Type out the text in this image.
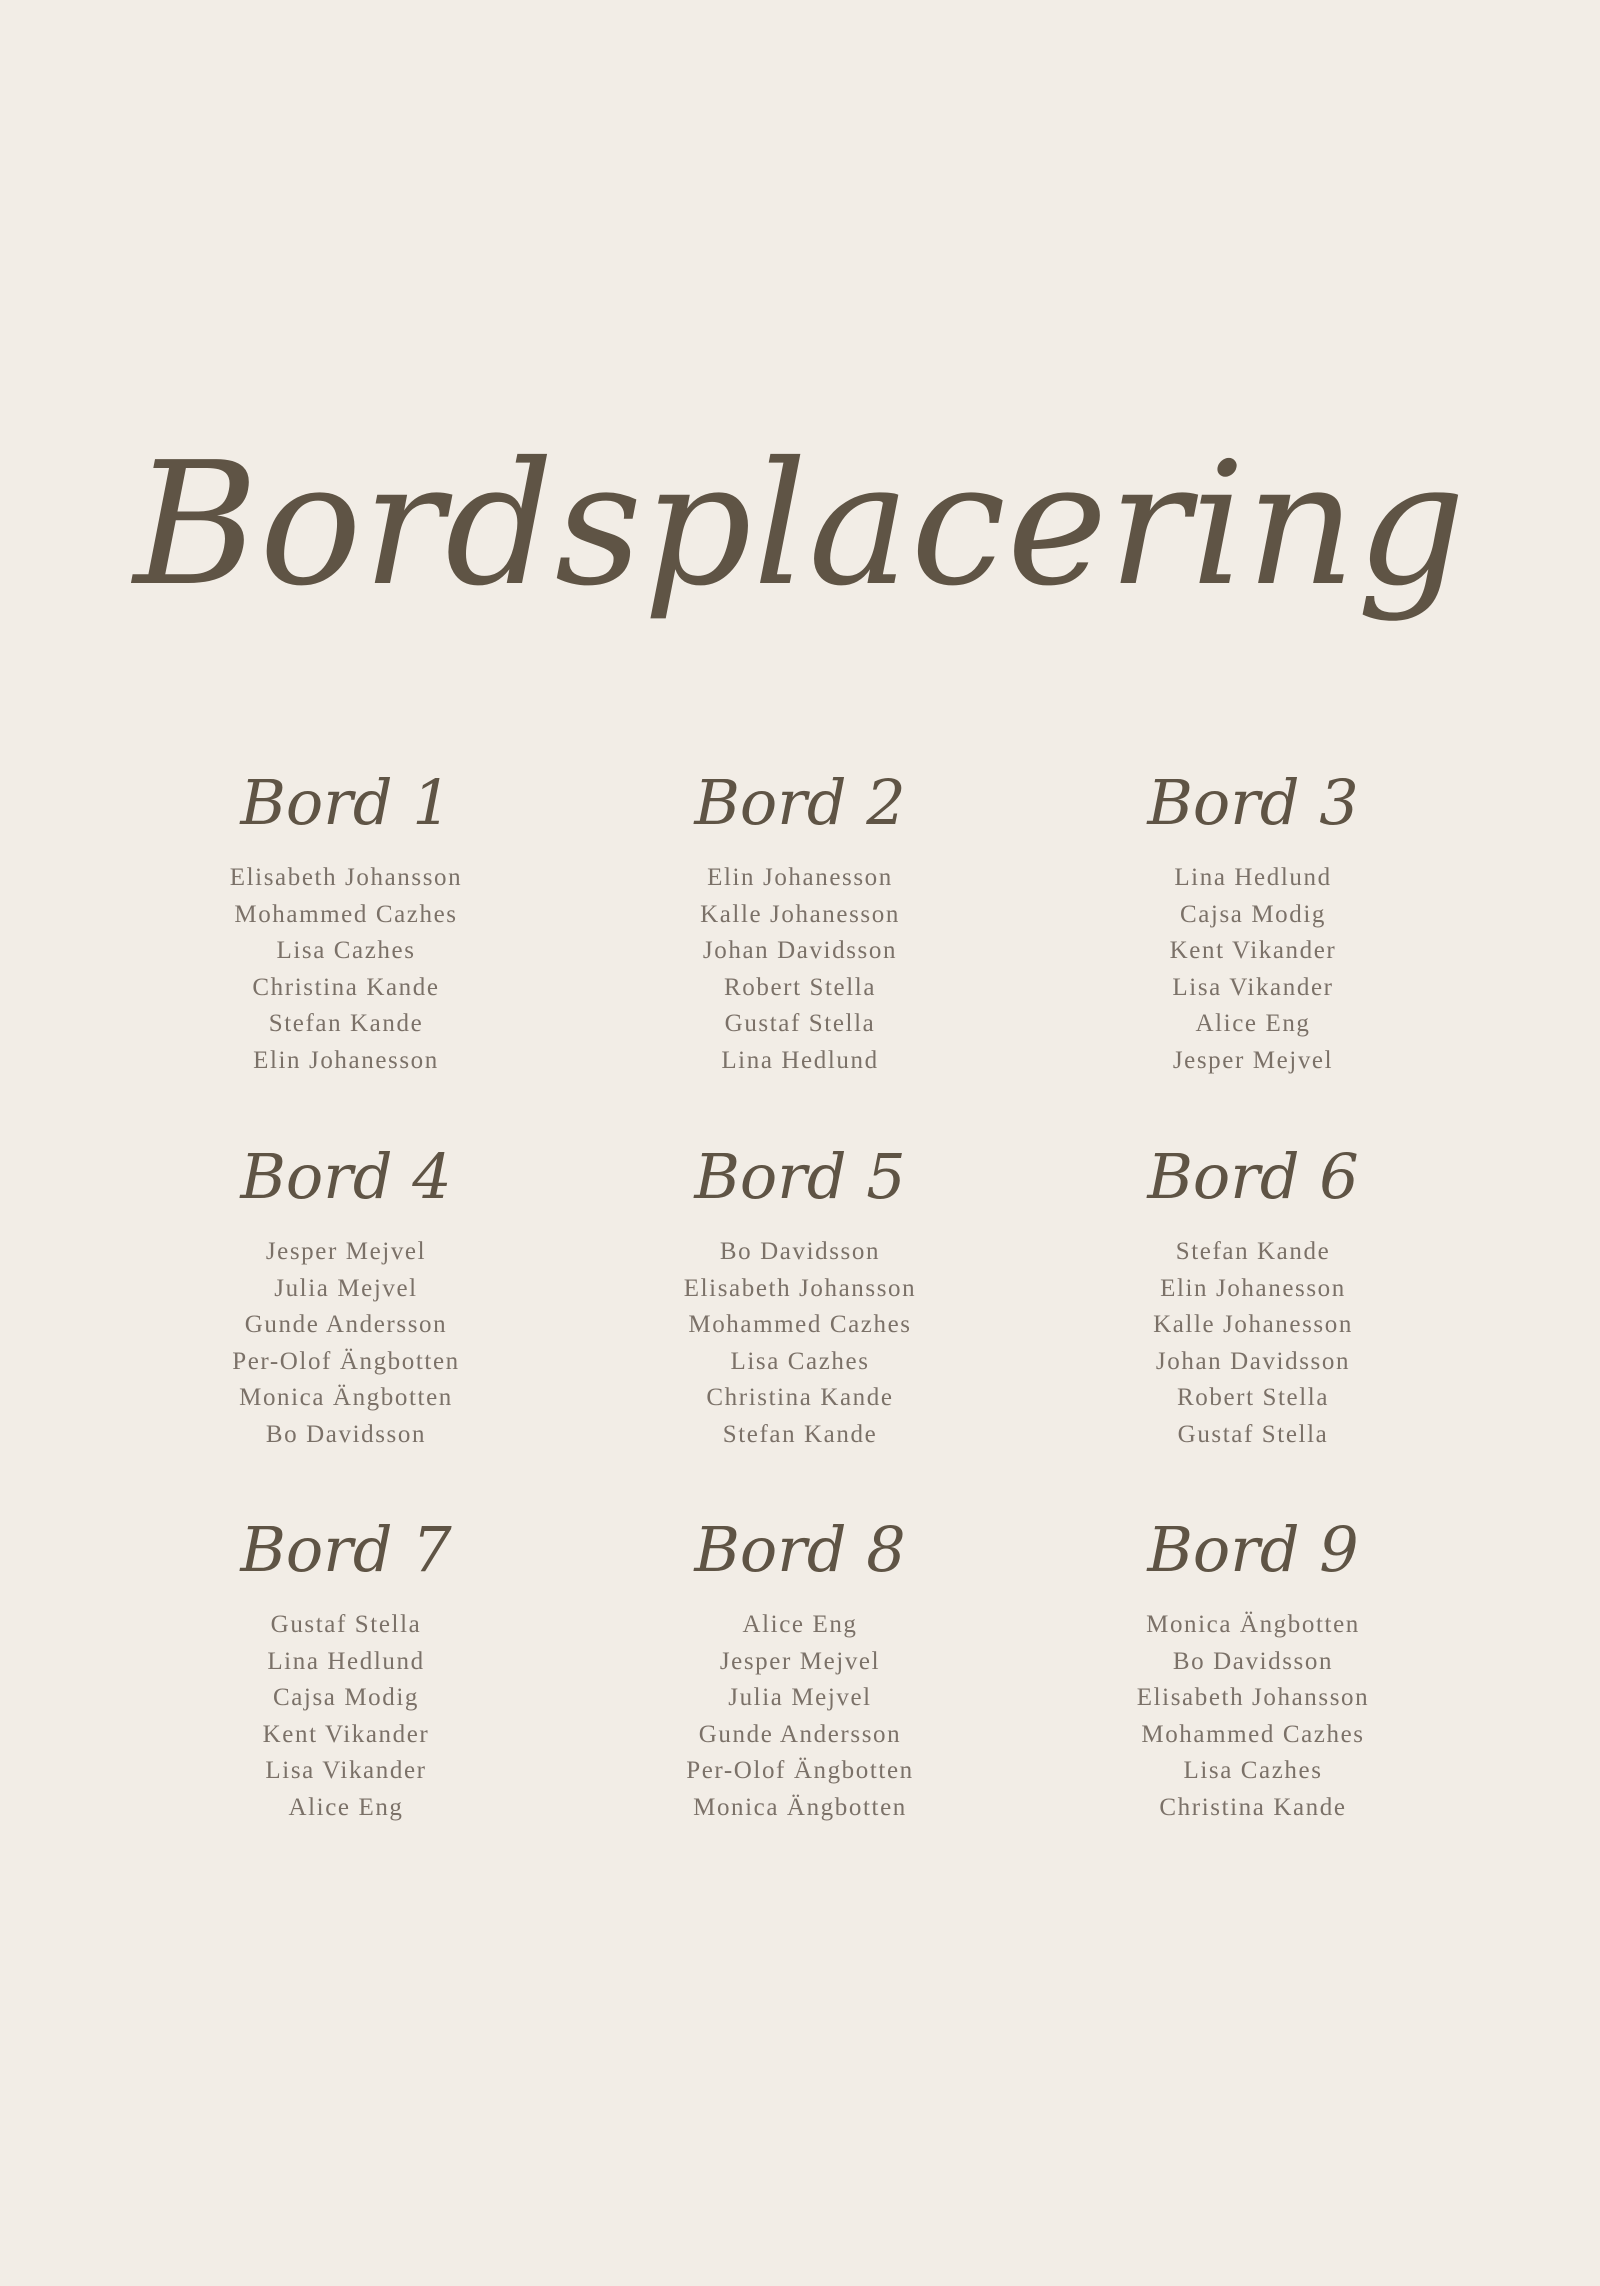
Bordsplacering
Bord 1
Elisabeth Johansson
Mohammed Cazhes
Lisa Cazhes
Christina Kande
Stefan Kande
Elin Johanesson
Bord 2
Elin Johanesson
Kalle Johanesson
Johan Davidsson
Robert Stella
Gustaf Stella
Lina Hedlund
Bord 3
Lina Hedlund
Cajsa Modig
Kent Vikander
Lisa Vikander
Alice Eng
Jesper Mejvel
Bord 4
Jesper Mejvel
Julia Mejvel
Gunde Andersson
Per-Olof Ängbotten
Monica Ängbotten
Bo Davidsson
Bord 5
Bo Davidsson
Elisabeth Johansson
Mohammed Cazhes
Lisa Cazhes
Christina Kande
Stefan Kande
Bord 6
Stefan Kande
Elin Johanesson
Kalle Johanesson
Johan Davidsson
Robert Stella
Gustaf Stella
Bord 7
Gustaf Stella
Lina Hedlund
Cajsa Modig
Kent Vikander
Lisa Vikander
Alice Eng
Bord 8
Alice Eng
Jesper Mejvel
Julia Mejvel
Gunde Andersson
Per-Olof Ängbotten
Monica Ängbotten
Bord 9
Monica Ängbotten
Bo Davidsson
Elisabeth Johansson
Mohammed Cazhes
Lisa Cazhes
Christina Kande
